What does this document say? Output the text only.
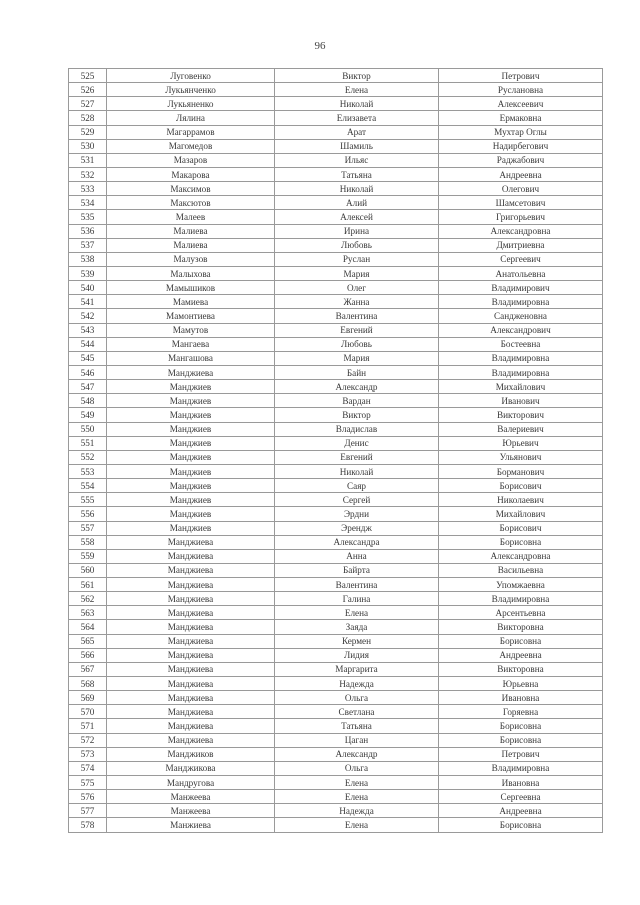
96
525	Луговенко	Виктор	Петрович
526	Лукьянченко	Елена	Руслановна
527	Лукьяненко	Николай	Алексеевич
528	Лялина	Елизавета	Ермаковна
529	Магаррамов	Арат	Мухтар Оглы
530	Магомедов	Шамиль	Надирбегович
531	Мазаров	Ильяс	Раджабович
532	Макарова	Татьяна	Андреевна
533	Максимов	Николай	Олегович
534	Максютов	Алий	Шамсетович
535	Малеев	Алексей	Григорьевич
536	Малиева	Ирина	Александровна
537	Малиева	Любовь	Дмитриевна
538	Малузов	Руслан	Сергеевич
539	Малыхова	Мария	Анатольевна
540	Мамышиков	Олег	Владимирович
541	Мамиева	Жанна	Владимировна
542	Мамонтиева	Валентина	Сандженовна
543	Мамутов	Евгений	Александрович
544	Мангаева	Любовь	Бостеевна
545	Мангашова	Мария	Владимировна
546	Манджиева	Байн	Владимировна
547	Манджиев	Александр	Михайлович
548	Манджиев	Вардан	Иванович
549	Манджиев	Виктор	Викторович
550	Манджиев	Владислав	Валериевич
551	Манджиев	Денис	Юрьевич
552	Манджиев	Евгений	Ульянович
553	Манджиев	Николай	Борманович
554	Манджиев	Саяр	Борисович
555	Манджиев	Сергей	Николаевич
556	Манджиев	Эрдни	Михайлович
557	Манджиев	Эрендж	Борисович
558	Манджиева	Александра	Борисовна
559	Манджиева	Анна	Александровна
560	Манджиева	Байрта	Васильевна
561	Манджиева	Валентина	Упомжаевна
562	Манджиева	Галина	Владимировна
563	Манджиева	Елена	Арсентьевна
564	Манджиева	Заяда	Викторовна
565	Манджиева	Кермен	Борисовна
566	Манджиева	Лидия	Андреевна
567	Манджиева	Маргарита	Викторовна
568	Манджиева	Надежда	Юрьевна
569	Манджиева	Ольга	Ивановна
570	Манджиева	Светлана	Горяевна
571	Манджиева	Татьяна	Борисовна
572	Манджиева	Цаган	Борисовна
573	Манджиков	Александр	Петрович
574	Манджикова	Ольга	Владимировна
575	Мандругова	Елена	Ивановна
576	Манжеева	Елена	Сергеевна
577	Манжеева	Надежда	Андреевна
578	Манжиева	Елена	Борисовна
